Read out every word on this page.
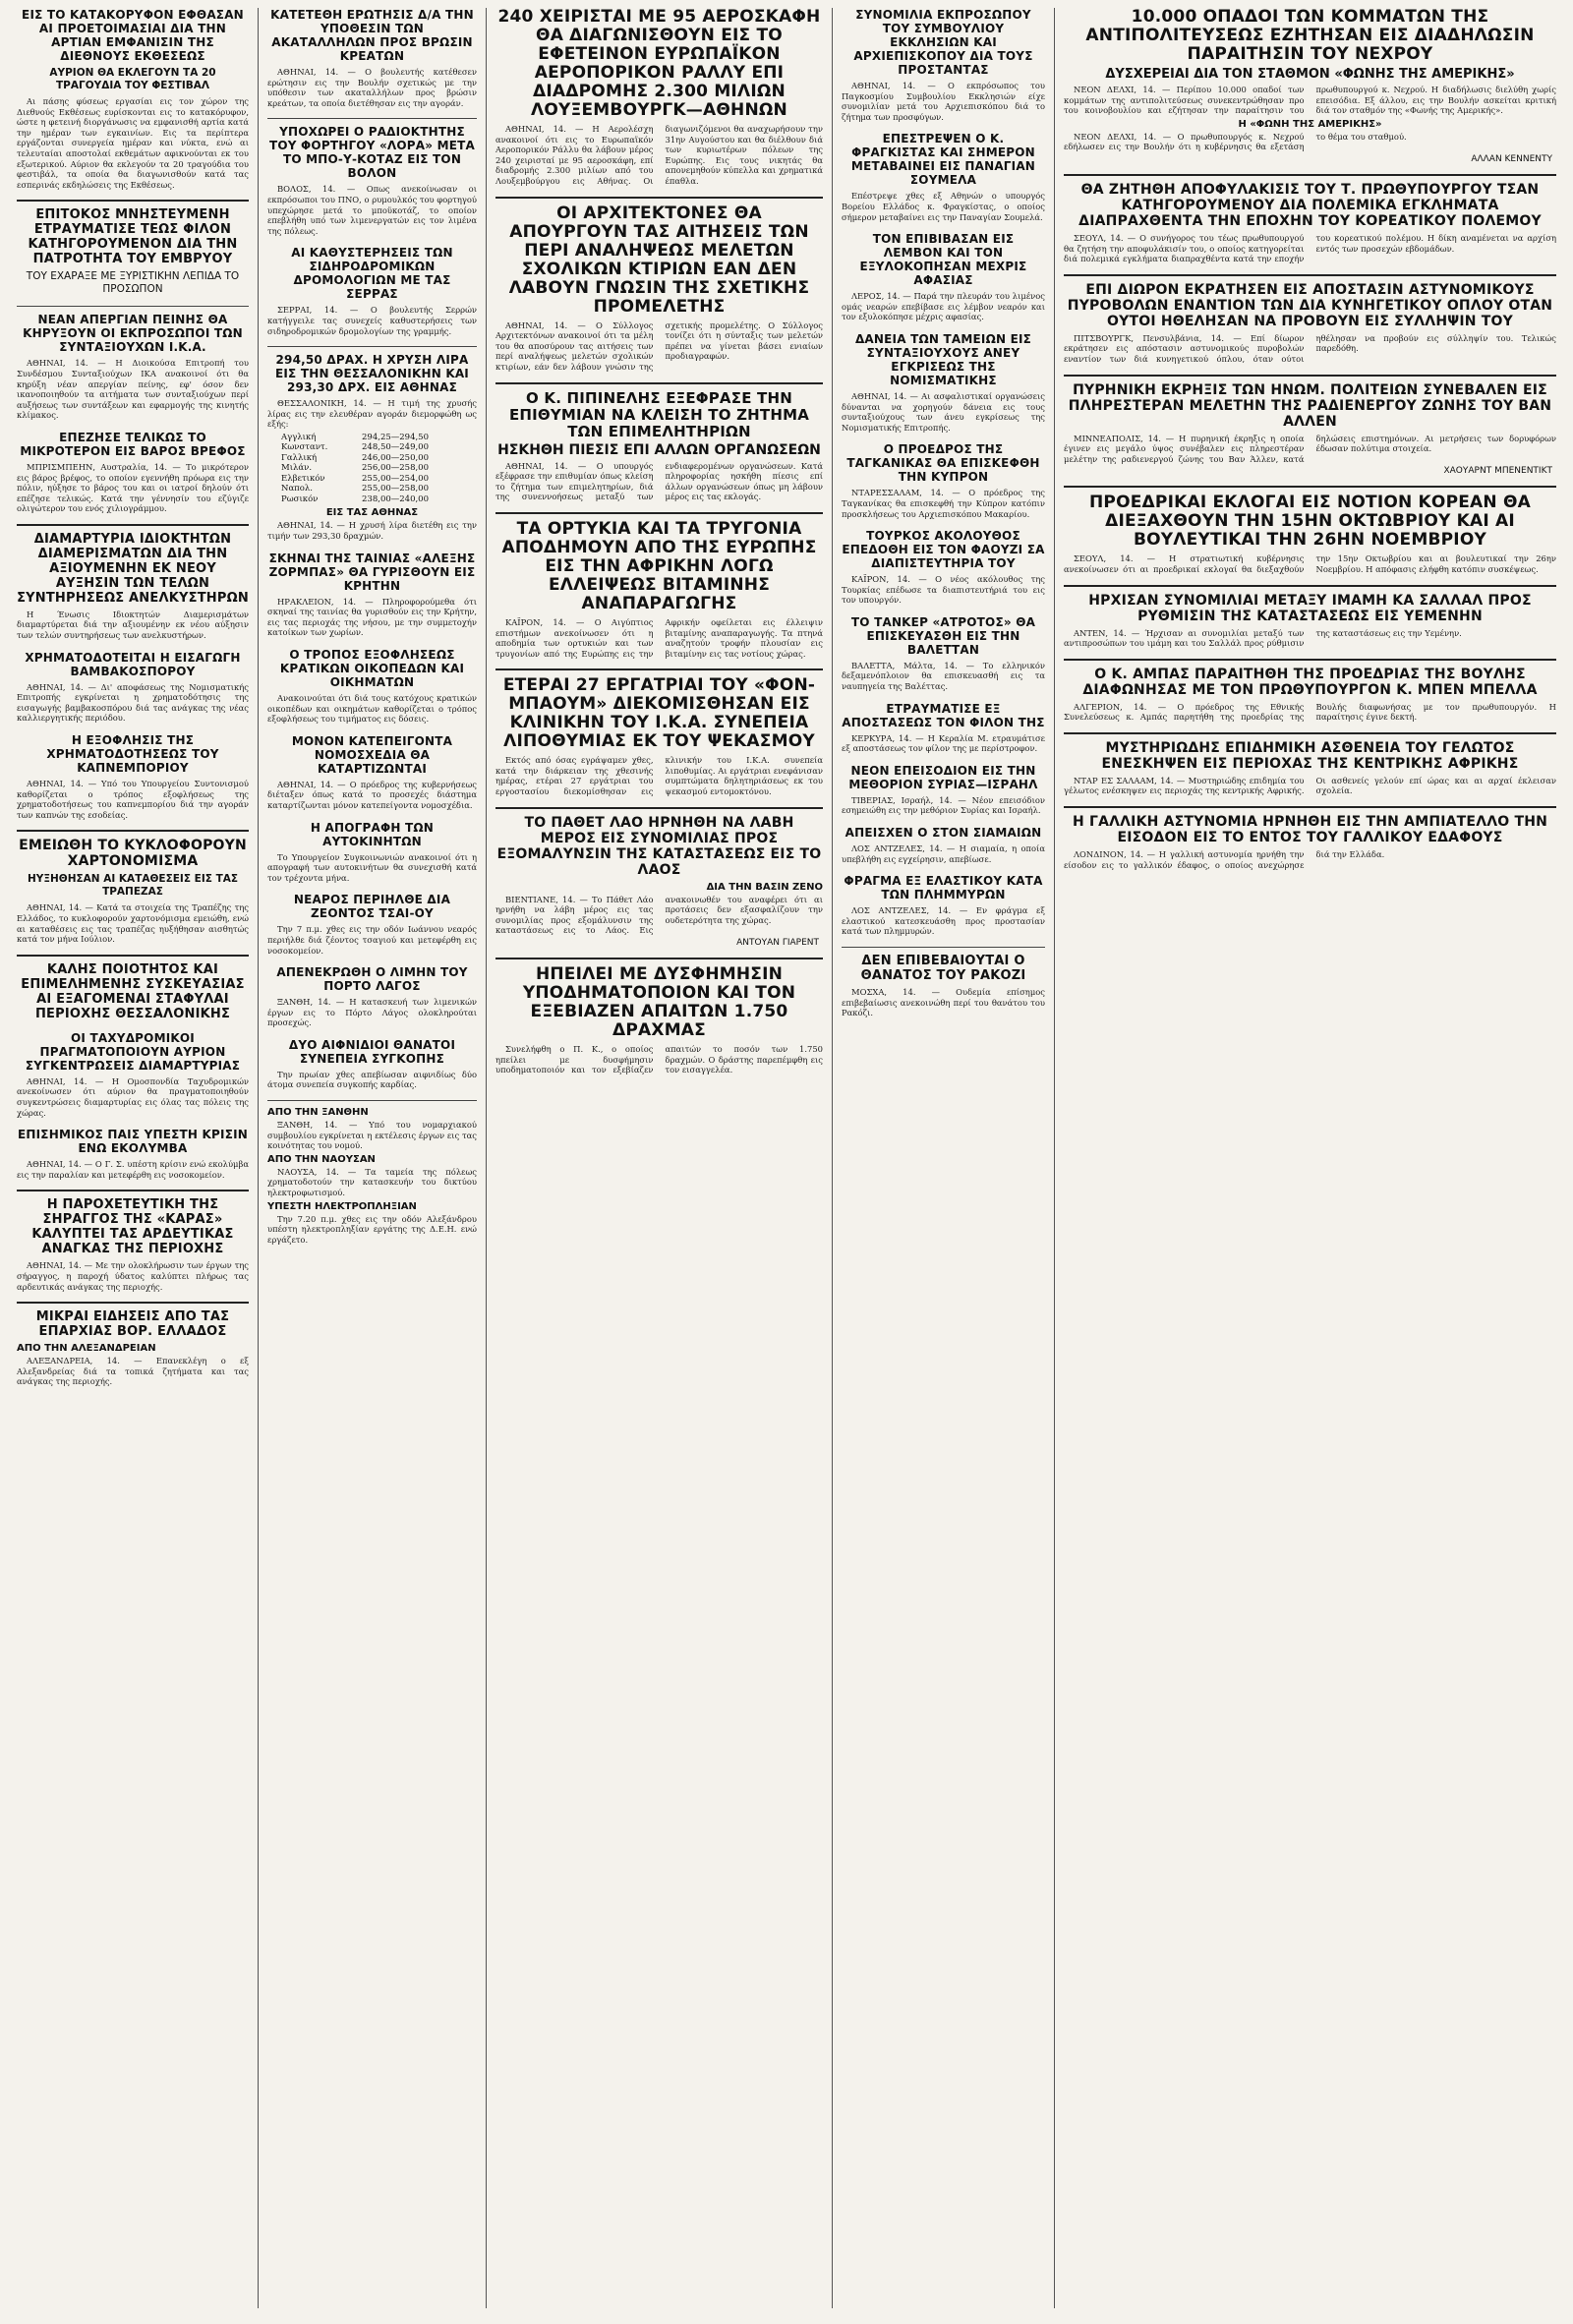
ΕΙΣ ΤΟ ΚΑΤΑΚΟΡΥΦΟΝ ΕΦΘΑΣΑΝ ΑΙ ΠΡΟΕΤΟΙΜΑΣΙΑΙ ΔΙΑ ΤΗΝ ΑΡΤΙΑΝ ΕΜΦΑΝΙΣΙΝ ΤΗΣ ΔΙΕΘΝΟΥΣ ΕΚΘΕΣΕΩΣ
ΑΥΡΙΟΝ ΘΑ ΕΚΛΕΓΟΥΝ ΤΑ 20 ΤΡΑΓΟΥΔΙΑ ΤΟΥ ΦΕΣΤΙΒΑΛ

Αι πάσης φύσεως εργασίαι εις τον χώρον της Διεθνούς Εκθέσεως ευρίσκονται εις το κατακόρυφον, ώστε η φετεινή διοργάνωσις να εμφανισθή αρτία κατά την ημέραν των εγκαινίων. Εις τα περίπτερα εργάζονται συνεργεία ημέραν και νύκτα, ενώ αι τελευταίαι αποστολαί εκθεμάτων αφικνούνται εκ του εξωτερικού. Αύριον θα εκλεγούν τα 20 τραγούδια του φεστιβάλ, τα οποία θα διαγωνισθούν κατά τας εσπερινάς εκδηλώσεις της Εκθέσεως.

ΕΠΙΤΟΚΟΣ ΜΝΗΣΤΕΥΜΕΝΗ ΕΤΡΑΥΜΑΤΙΣΕ ΤΕΩΣ ΦΙΛΟΝ ΚΑΤΗΓΟΡΟΥΜΕΝΟΝ ΔΙΑ ΤΗΝ ΠΑΤΡΟΤΗΤΑ ΤΟΥ ΕΜΒΡΥΟΥ
ΤΟΥ ΕΧΑΡΑΞΕ ΜΕ ΞΥΡΙΣΤΙΚΗΝ ΛΕΠΙΔΑ ΤΟ ΠΡΟΣΩΠΟΝ
ΝΕΑΝ ΑΠΕΡΓΙΑΝ ΠΕΙΝΗΣ ΘΑ ΚΗΡΥΞΟΥΝ ΟΙ ΕΚΠΡΟΣΩΠΟΙ ΤΩΝ ΣΥΝΤΑΞΙΟΥΧΩΝ Ι.Κ.Α.

ΑΘΗΝΑΙ, 14. — Η Διοικούσα Επιτροπή του Συνδέσμου Συνταξιούχων ΙΚΑ ανακοινοί ότι θα κηρύξη νέαν απεργίαν πείνης, εφ' όσον δεν ικανοποιηθούν τα αιτήματα των συνταξιούχων περί αυξήσεως των συντάξεων και εφαρμογής της κινητής κλίμακος.

ΕΠΕΖΗΣΕ ΤΕΛΙΚΩΣ ΤΟ ΜΙΚΡΟΤΕΡΟΝ ΕΙΣ ΒΑΡΟΣ ΒΡΕΦΟΣ

ΜΠΡΙΣΜΠΕΗΝ, Αυστραλία, 14. — Το μικρότερον εις βάρος βρέφος, το οποίον εγεννήθη πρόωρα εις την πόλιν, ηύξησε το βάρος του και οι ιατροί δηλούν ότι επέζησε τελικώς. Κατά την γέννησίν του εζύγιζε ολιγώτερον του ενός χιλιογράμμου.

ΔΙΑΜΑΡΤΥΡΙΑ ΙΔΙΟΚΤΗΤΩΝ ΔΙΑΜΕΡΙΣΜΑΤΩΝ ΔΙΑ ΤΗΝ ΑΞΙΟΥΜΕΝΗΝ ΕΚ ΝΕΟΥ ΑΥΞΗΣΙΝ ΤΩΝ ΤΕΛΩΝ ΣΥΝΤΗΡΗΣΕΩΣ ΑΝΕΛΚΥΣΤΗΡΩΝ

Η Ένωσις Ιδιοκτητών Διαμερισμάτων διαμαρτύρεται διά την αξιουμένην εκ νέου αύξησιν των τελών συντηρήσεως των ανελκυστήρων.

ΧΡΗΜΑΤΟΔΟΤΕΙΤΑΙ Η ΕΙΣΑΓΩΓΗ ΒΑΜΒΑΚΟΣΠΟΡΟΥ

ΑΘΗΝΑΙ, 14. — Δι' αποφάσεως της Νομισματικής Επιτροπής εγκρίνεται η χρηματοδότησις της εισαγωγής βαμβακοσπόρου διά τας ανάγκας της νέας καλλιεργητικής περιόδου.

Η ΕΞΟΦΛΗΣΙΣ ΤΗΣ ΧΡΗΜΑΤΟΔΟΤΗΣΕΩΣ ΤΟΥ ΚΑΠΝΕΜΠΟΡΙΟΥ

ΑΘΗΝΑΙ, 14. — Υπό του Υπουργείου Συντονισμού καθορίζεται ο τρόπος εξοφλήσεως της χρηματοδοτήσεως του καπνεμπορίου διά την αγοράν των καπνών της εσοδείας.

ΕΜΕΙΩΘΗ ΤΟ ΚΥΚΛΟΦΟΡΟΥΝ ΧΑΡΤΟΝΟΜΙΣΜΑ
ΗΥΞΗΘΗΣΑΝ ΑΙ ΚΑΤΑΘΕΣΕΙΣ ΕΙΣ ΤΑΣ ΤΡΑΠΕΖΑΣ

ΑΘΗΝΑΙ, 14. — Κατά τα στοιχεία της Τραπέζης της Ελλάδος, το κυκλοφορούν χαρτονόμισμα εμειώθη, ενώ αι καταθέσεις εις τας τραπέζας ηυξήθησαν αισθητώς κατά τον μήνα Ιούλιον.

ΚΑΛΗΣ ΠΟΙΟΤΗΤΟΣ ΚΑΙ ΕΠΙΜΕΛΗΜΕΝΗΣ ΣΥΣΚΕΥΑΣΙΑΣ ΑΙ ΕΞΑΓΟΜΕΝΑΙ ΣΤΑΦΥΛΑΙ ΠΕΡΙΟΧΗΣ ΘΕΣΣΑΛΟΝΙΚΗΣ
ΟΙ ΤΑΧΥΔΡΟΜΙΚΟΙ ΠΡΑΓΜΑΤΟΠΟΙΟΥΝ ΑΥΡΙΟΝ ΣΥΓΚΕΝΤΡΩΣΕΙΣ ΔΙΑΜΑΡΤΥΡΙΑΣ

ΑΘΗΝΑΙ, 14. — Η Ομοσπονδία Ταχυδρομικών ανεκοίνωσεν ότι αύριον θα πραγματοποιηθούν συγκεντρώσεις διαμαρτυρίας εις όλας τας πόλεις της χώρας.

ΕΠΙΣΗΜΙΚΟΣ ΠΑΙΣ ΥΠΕΣΤΗ ΚΡΙΣΙΝ ΕΝΩ ΕΚΟΛΥΜΒΑ

ΑΘΗΝΑΙ, 14. — Ο Γ. Σ. υπέστη κρίσιν ενώ εκολύμβα εις την παραλίαν και μετεφέρθη εις νοσοκομείον.

Η ΠΑΡΟΧΕΤΕΥΤΙΚΗ ΤΗΣ ΣΗΡΑΓΓΟΣ ΤΗΣ «ΚΑΡΑΣ» ΚΑΛΥΠΤΕΙ ΤΑΣ ΑΡΔΕΥΤΙΚΑΣ ΑΝΑΓΚΑΣ ΤΗΣ ΠΕΡΙΟΧΗΣ

ΑΘΗΝΑΙ, 14. — Με την ολοκλήρωσιν των έργων της σήραγγος, η παροχή ύδατος καλύπτει πλήρως τας αρδευτικάς ανάγκας της περιοχής.

ΜΙΚΡΑΙ ΕΙΔΗΣΕΙΣ ΑΠΟ ΤΑΣ ΕΠΑΡΧΙΑΣ ΒΟΡ. ΕΛΛΑΔΟΣ
ΑΠΟ ΤΗΝ ΑΛΕΞΑΝΔΡΕΙΑΝ

ΑΛΕΞΑΝΔΡΕΙΑ, 14. — Επανεκλέγη ο εξ Αλεξανδρείας διά τα τοπικά ζητήματα και τας ανάγκας της περιοχής.

ΚΑΤΕΤΕΘΗ ΕΡΩΤΗΣΙΣ Δ/Α ΤΗΝ ΥΠΟΘΕΣΙΝ ΤΩΝ ΑΚΑΤΑΛΛΗΛΩΝ ΠΡΟΣ ΒΡΩΣΙΝ ΚΡΕΑΤΩΝ

ΑΘΗΝΑΙ, 14. — Ο βουλευτής κατέθεσεν ερώτησιν εις την Βουλήν σχετικώς με την υπόθεσιν των ακαταλλήλων προς βρώσιν κρεάτων, τα οποία διετέθησαν εις την αγοράν.

ΥΠΟΧΩΡΕΙ Ο ΡΑΔΙΟΚΤΗΤΗΣ ΤΟΥ ΦΟΡΤΗΓΟΥ «ΛΟΡΑ» ΜΕΤΑ ΤΟ ΜΠΟ-Υ-ΚΟΤΑΖ ΕΙΣ ΤΟΝ ΒΟΛΟΝ

ΒΟΛΟΣ, 14. — Οπως ανεκοίνωσαν οι εκπρόσωποι του ΠΝΟ, ο ρυμουλκός του φορτηγού υπεχώρησε μετά το μποϋκοτάζ, το οποίον επεβλήθη υπό των λιμενεργατών εις τον λιμένα της πόλεως.

ΑΙ ΚΑΘΥΣΤΕΡΗΣΕΙΣ ΤΩΝ ΣΙΔΗΡΟΔΡΟΜΙΚΩΝ ΔΡΟΜΟΛΟΓΙΩΝ ΜΕ ΤΑΣ ΣΕΡΡΑΣ

ΣΕΡΡΑΙ, 14. — Ο βουλευτής Σερρών κατήγγειλε τας συνεχείς καθυστερήσεις των σιδηροδρομικών δρομολογίων της γραμμής.

294,50 ΔΡΑΧ. Η ΧΡΥΣΗ ΛΙΡΑ ΕΙΣ ΤΗΝ ΘΕΣΣΑΛΟΝΙΚΗΝ ΚΑΙ 293,30 ΔΡΧ. ΕΙΣ ΑΘΗΝΑΣ

ΘΕΣΣΑΛΟΝΙΚΗ, 14. — Η τιμή της χρυσής λίρας εις την ελευθέραν αγοράν διεμορφώθη ως εξής:

Αγγλική	294,25—294,50
Κωνσταντ.	248,50—249,00
Γαλλική	246,00—250,00
Μιλάν.	256,00—258,00
Ελβετικόν	255,00—254,00
Ναπολ.	255,00—258,00
Ρωσικόν	238,00—240,00
ΕΙΣ ΤΑΣ ΑΘΗΝΑΣ

ΑΘΗΝΑΙ, 14. — Η χρυσή λίρα διετέθη εις την τιμήν των 293,30 δραχμών.

ΣΚΗΝΑΙ ΤΗΣ ΤΑΙΝΙΑΣ «ΑΛΕΞΗΣ ΖΟΡΜΠΑΣ» ΘΑ ΓΥΡΙΣΘΟΥΝ ΕΙΣ ΚΡΗΤΗΝ

ΗΡΑΚΛΕΙΟΝ, 14. — Πληροφορούμεθα ότι σκηναί της ταινίας θα γυρισθούν εις την Κρήτην, εις τας περιοχάς της νήσου, με την συμμετοχήν κατοίκων των χωρίων.

Ο ΤΡΟΠΟΣ ΕΞΟΦΛΗΣΕΩΣ ΚΡΑΤΙΚΩΝ ΟΙΚΟΠΕΔΩΝ ΚΑΙ ΟΙΚΗΜΑΤΩΝ

Ανακοινούται ότι διά τους κατόχους κρατικών οικοπέδων και οικημάτων καθορίζεται ο τρόπος εξοφλήσεως του τιμήματος εις δόσεις.

ΜΟΝΟΝ ΚΑΤΕΠΕΙΓΟΝΤΑ ΝΟΜΟΣΧΕΔΙΑ ΘΑ ΚΑΤΑΡΤΙΖΩΝΤΑΙ

ΑΘΗΝΑΙ, 14. — Ο πρόεδρος της κυβερνήσεως διέταξεν όπως κατά το προσεχές διάστημα καταρτίζωνται μόνον κατεπείγοντα νομοσχέδια.

Η ΑΠΟΓΡΑΦΗ ΤΩΝ ΑΥΤΟΚΙΝΗΤΩΝ

Το Υπουργείον Συγκοινωνιών ανακοινοί ότι η απογραφή των αυτοκινήτων θα συνεχισθή κατά τον τρέχοντα μήνα.

ΝΕΑΡΟΣ ΠΕΡΙΗΛΘΕ ΔΙΑ ΖΕΟΝΤΟΣ ΤΣΑΙ-ΟΥ

Την 7 π.μ. χθες εις την οδόν Ιωάννου νεαρός περιήλθε διά ζέοντος τσαγιού και μετεφέρθη εις νοσοκομείον.

ΑΠΕΝΕΚΡΩΘΗ Ο ΛΙΜΗΝ ΤΟΥ ΠΟΡΤΟ ΛΑΓΟΣ

ΞΑΝΘΗ, 14. — Η κατασκευή των λιμενικών έργων εις το Πόρτο Λάγος ολοκληρούται προσεχώς.

ΔΥΟ ΑΙΦΝΙΔΙΟΙ ΘΑΝΑΤΟΙ ΣΥΝΕΠΕΙΑ ΣΥΓΚΟΠΗΣ

Την πρωίαν χθες απεβίωσαν αιφνιδίως δύο άτομα συνεπεία συγκοπής καρδίας.

ΑΠΟ ΤΗΝ ΞΑΝΘΗΝ

ΞΑΝΘΗ, 14. — Υπό του νομαρχιακού συμβουλίου εγκρίνεται η εκτέλεσις έργων εις τας κοινότητας του νομού.

ΑΠΟ ΤΗΝ ΝΑΟΥΣΑΝ

ΝΑΟΥΣΑ, 14. — Τα ταμεία της πόλεως χρηματοδοτούν την κατασκευήν του δικτύου ηλεκτροφωτισμού.

ΥΠΕΣΤΗ ΗΛΕΚΤΡΟΠΛΗΞΙΑΝ

Την 7.20 π.μ. χθες εις την οδόν Αλεξάνδρου υπέστη ηλεκτροπληξίαν εργάτης της Δ.Ε.Η. ενώ εργάζετο.

240 ΧΕΙΡΙΣΤΑΙ ΜΕ 95 ΑΕΡΟΣΚΑΦΗ ΘΑ ΔΙΑΓΩΝΙΣΘΟΥΝ ΕΙΣ ΤΟ ΕΦΕΤΕΙΝΟΝ ΕΥΡΩΠΑΪΚΟΝ ΑΕΡΟΠΟΡΙΚΟΝ ΡΑΛΛΥ ΕΠΙ ΔΙΑΔΡΟΜΗΣ 2.300 ΜΙΛΙΩΝ ΛΟΥΞΕΜΒΟΥΡΓΚ—ΑΘΗΝΩΝ

ΑΘΗΝΑΙ, 14. — Η Αερολέσχη ανακοινοί ότι εις το Ευρωπαϊκόν Αεροπορικόν Ράλλυ θα λάβουν μέρος 240 χειρισταί με 95 αεροσκάφη, επί διαδρομής 2.300 μιλίων από του Λουξεμβούργου εις Αθήνας. Οι διαγωνιζόμενοι θα αναχωρήσουν την 31ην Αυγούστου και θα διέλθουν διά των κυριωτέρων πόλεων της Ευρώπης. Εις τους νικητάς θα απονεμηθούν κύπελλα και χρηματικά έπαθλα.

ΟΙ ΑΡΧΙΤΕΚΤΟΝΕΣ ΘΑ ΑΠΟΥΡΓΟΥΝ ΤΑΣ ΑΙΤΗΣΕΙΣ ΤΩΝ ΠΕΡΙ ΑΝΑΛΗΨΕΩΣ ΜΕΛΕΤΩΝ ΣΧΟΛΙΚΩΝ ΚΤΙΡΙΩΝ ΕΑΝ ΔΕΝ ΛΑΒΟΥΝ ΓΝΩΣΙΝ ΤΗΣ ΣΧΕΤΙΚΗΣ ΠΡΟΜΕΛΕΤΗΣ

ΑΘΗΝΑΙ, 14. — Ο Σύλλογος Αρχιτεκτόνων ανακοινοί ότι τα μέλη του θα αποσύρουν τας αιτήσεις των περί αναλήψεως μελετών σχολικών κτιρίων, εάν δεν λάβουν γνώσιν της σχετικής προμελέτης. Ο Σύλλογος τονίζει ότι η σύνταξις των μελετών πρέπει να γίνεται βάσει ενιαίων προδιαγραφών.

Ο Κ. ΠΙΠΙΝΕΛΗΣ ΕΞΕΦΡΑΣΕ ΤΗΝ ΕΠΙΘΥΜΙΑΝ ΝΑ ΚΛΕΙΣΗ ΤΟ ΖΗΤΗΜΑ ΤΩΝ ΕΠΙΜΕΛΗΤΗΡΙΩΝ
ΗΣΚΗΘΗ ΠΙΕΣΙΣ ΕΠΙ ΑΛΛΩΝ ΟΡΓΑΝΩΣΕΩΝ

ΑΘΗΝΑΙ, 14. — Ο υπουργός εξέφρασε την επιθυμίαν όπως κλείση το ζήτημα των επιμελητηρίων, διά της συνεννοήσεως μεταξύ των ενδιαφερομένων οργανώσεων. Κατά πληροφορίας ησκήθη πίεσις επί άλλων οργανώσεων όπως μη λάβουν μέρος εις τας εκλογάς.

ΤΑ ΟΡΤΥΚΙΑ ΚΑΙ ΤΑ ΤΡΥΓΟΝΙΑ ΑΠΟΔΗΜΟΥΝ ΑΠΟ ΤΗΣ ΕΥΡΩΠΗΣ ΕΙΣ ΤΗΝ ΑΦΡΙΚΗΝ ΛΟΓΩ ΕΛΛΕΙΨΕΩΣ ΒΙΤΑΜΙΝΗΣ ΑΝΑΠΑΡΑΓΩΓΗΣ

ΚΑΪΡΟΝ, 14. — Ο Αιγύπτιος επιστήμων ανεκοίνωσεν ότι η αποδημία των ορτυκιών και των τρυγονίων από της Ευρώπης εις την Αφρικήν οφείλεται εις έλλειψιν βιταμίνης αναπαραγωγής. Τα πτηνά αναζητούν τροφήν πλουσίαν εις βιταμίνην εις τας νοτίους χώρας.

ΕΤΕΡΑΙ 27 ΕΡΓΑΤΡΙΑΙ ΤΟΥ «ΦΟΝ-ΜΠΑΟΥΜ» ΔΙΕΚΟΜΙΣΘΗΣΑΝ ΕΙΣ ΚΛΙΝΙΚΗΝ ΤΟΥ Ι.Κ.Α. ΣΥΝΕΠΕΙΑ ΛΙΠΟΘΥΜΙΑΣ ΕΚ ΤΟΥ ΨΕΚΑΣΜΟΥ

Εκτός από όσας εγράψαμεν χθες, κατά την διάρκειαν της χθεσινής ημέρας, ετέραι 27 εργάτριαι του εργοστασίου διεκομίσθησαν εις κλινικήν του Ι.Κ.Α. συνεπεία λιποθυμίας. Αι εργάτριαι ενεφάνισαν συμπτώματα δηλητηριάσεως εκ του ψεκασμού εντομοκτόνου.

ΤΟ ΠΑΘΕΤ ΛΑΟ ΗΡΝΗΘΗ ΝΑ ΛΑΒΗ ΜΕΡΟΣ ΕΙΣ ΣΥΝΟΜΙΛΙΑΣ ΠΡΟΣ ΕΞΟΜΑΛΥΝΣΙΝ ΤΗΣ ΚΑΤΑΣΤΑΣΕΩΣ ΕΙΣ ΤΟ ΛΑΟΣ
ΔΙΑ ΤΗΝ ΒΑΣΙΝ ΖΕΝΟ

ΒΙΕΝΤΙΑΝΕ, 14. — Το Πάθετ Λάο ηρνήθη να λάβη μέρος εις τας συνομιλίας προς εξομάλυνσιν της καταστάσεως εις το Λάος. Εις ανακοινωθέν του αναφέρει ότι αι προτάσεις δεν εξασφαλίζουν την ουδετερότητα της χώρας.

ΑΝΤΟΥΑΝ ΓΙΑΡΕΝΤ
ΗΠΕΙΛΕΙ ΜΕ ΔΥΣΦΗΜΗΣΙΝ ΥΠΟΔΗΜΑΤΟΠΟΙΟΝ ΚΑΙ ΤΟΝ ΕΞΕΒΙΑΖΕΝ ΑΠΑΙΤΩΝ 1.750 ΔΡΑΧΜΑΣ

Συνελήφθη ο Π. Κ., ο οποίος ηπείλει με δυσφήμησιν υποδηματοποιόν και τον εξεβίαζεν απαιτών το ποσόν των 1.750 δραχμών. Ο δράστης παρεπέμφθη εις τον εισαγγελέα.

ΣΥΝΟΜΙΛΙΑ ΕΚΠΡΟΣΩΠΟΥ ΤΟΥ ΣΥΜΒΟΥΛΙΟΥ ΕΚΚΛΗΣΙΩΝ ΚΑΙ ΑΡΧΙΕΠΙΣΚΟΠΟΥ ΔΙΑ ΤΟΥΣ ΠΡΟΣΤΑΝΤΑΣ

ΑΘΗΝΑΙ, 14. — Ο εκπρόσωπος του Παγκοσμίου Συμβουλίου Εκκλησιών είχε συνομιλίαν μετά του Αρχιεπισκόπου διά το ζήτημα των προσφύγων.

ΕΠΕΣΤΡΕΨΕΝ Ο Κ. ΦΡΑΓΚΙΣΤΑΣ ΚΑΙ ΣΗΜΕΡΟΝ ΜΕΤΑΒΑΙΝΕΙ ΕΙΣ ΠΑΝΑΓΙΑΝ ΣΟΥΜΕΛΑ

Επέστρεψε χθες εξ Αθηνών ο υπουργός Βορείου Ελλάδος κ. Φραγκίστας, ο οποίος σήμερον μεταβαίνει εις την Παναγίαν Σουμελά.

ΤΟΝ ΕΠΙΒΙΒΑΣΑΝ ΕΙΣ ΛΕΜΒΟΝ ΚΑΙ ΤΟΝ ΕΞΥΛΟΚΟΠΗΣΑΝ ΜΕΧΡΙΣ ΑΦΑΣΙΑΣ

ΛΕΡΟΣ, 14. — Παρά την πλευράν του λιμένος ομάς νεαρών επεβίβασε εις λέμβον νεαρόν και τον εξυλοκόπησε μέχρις αφασίας.

ΔΑΝΕΙΑ ΤΩΝ ΤΑΜΕΙΩΝ ΕΙΣ ΣΥΝΤΑΞΙΟΥΧΟΥΣ ΑΝΕΥ ΕΓΚΡΙΣΕΩΣ ΤΗΣ ΝΟΜΙΣΜΑΤΙΚΗΣ

ΑΘΗΝΑΙ, 14. — Αι ασφαλιστικαί οργανώσεις δύνανται να χορηγούν δάνεια εις τους συνταξιούχους των άνευ εγκρίσεως της Νομισματικής Επιτροπής.

Ο ΠΡΟΕΔΡΟΣ ΤΗΣ ΤΑΓΚΑΝΙΚΑΣ ΘΑ ΕΠΙΣΚΕΦΘΗ ΤΗΝ ΚΥΠΡΟΝ

ΝΤΑΡΕΣΣΑΛΑΜ, 14. — Ο πρόεδρος της Ταγκανίκας θα επισκεφθή την Κύπρον κατόπιν προσκλήσεως του Αρχιεπισκόπου Μακαρίου.

ΤΟΥΡΚΟΣ ΑΚΟΛΟΥΘΟΣ ΕΠΕΔΟΘΗ ΕΙΣ ΤΟΝ ΦΑΟΥΖΙ ΣΑ ΔΙΑΠΙΣΤΕΥΤΗΡΙΑ ΤΟΥ

ΚΑΪΡΟΝ, 14. — Ο νέος ακόλουθος της Τουρκίας επέδωσε τα διαπιστευτήριά του εις τον υπουργόν.

ΤΟ ΤΑΝΚΕΡ «ΑΤΡΟΤΟΣ» ΘΑ ΕΠΙΣΚΕΥΑΣΘΗ ΕΙΣ ΤΗΝ ΒΑΛΕΤΤΑΝ

ΒΑΛΕΤΤΑ, Μάλτα, 14. — Το ελληνικόν δεξαμενόπλοιον θα επισκευασθή εις τα ναυπηγεία της Βαλέττας.

ΕΤΡΑΥΜΑΤΙΣΕ ΕΞ ΑΠΟΣΤΑΣΕΩΣ ΤΟΝ ΦΙΛΟΝ ΤΗΣ

ΚΕΡΚΥΡΑ, 14. — Η Κεραλία Μ. ετραυμάτισε εξ αποστάσεως τον φίλον της με περίστροφον.

ΝΕΟΝ ΕΠΕΙΣΟΔΙΟΝ ΕΙΣ ΤΗΝ ΜΕΘΟΡΙΟΝ ΣΥΡΙΑΣ—ΙΣΡΑΗΛ

ΤΙΒΕΡΙΑΣ, Ισραήλ, 14. — Νέον επεισόδιον εσημειώθη εις την μεθόριον Συρίας και Ισραήλ.

ΑΠΕΙΣΧΕΝ Ο ΣΤΟΝ ΣΙΑΜΑΙΩΝ

ΛΟΣ ΑΝΤΖΕΛΕΣ, 14. — Η σιαμαία, η οποία υπεβλήθη εις εγχείρησιν, απεβίωσε.

ΦΡΑΓΜΑ ΕΞ ΕΛΑΣΤΙΚΟΥ ΚΑΤΑ ΤΩΝ ΠΛΗΜΜΥΡΩΝ

ΛΟΣ ΑΝΤΖΕΛΕΣ, 14. — Εν φράγμα εξ ελαστικού κατεσκευάσθη προς προστασίαν κατά των πλημμυρών.

ΔΕΝ ΕΠΙΒΕΒΑΙΟΥΤΑΙ Ο ΘΑΝΑΤΟΣ ΤΟΥ ΡΑΚΟΖΙ

ΜΟΣΧΑ, 14. — Ουδεμία επίσημος επιβεβαίωσις ανεκοινώθη περί του θανάτου του Ρακόζι.

10.000 ΟΠΑΔΟΙ ΤΩΝ ΚΟΜΜΑΤΩΝ ΤΗΣ ΑΝΤΙΠΟΛΙΤΕΥΣΕΩΣ ΕΖΗΤΗΣΑΝ ΕΙΣ ΔΙΑΔΗΛΩΣΙΝ ΠΑΡΑΙΤΗΣΙΝ ΤΟΥ ΝΕΧΡΟΥ
ΔΥΣΧΕΡΕΙΑΙ ΔΙΑ ΤΟΝ ΣΤΑΘΜΟΝ «ΦΩΝΗΣ ΤΗΣ ΑΜΕΡΙΚΗΣ»

ΝΕΟΝ ΔΕΛΧΙ, 14. — Περίπου 10.000 οπαδοί των κομμάτων της αντιπολιτεύσεως συνεκεντρώθησαν προ του κοινοβουλίου και εζήτησαν την παραίτησιν του πρωθυπουργού κ. Νεχρού. Η διαδήλωσις διελύθη χωρίς επεισόδια. Εξ άλλου, εις την Βουλήν ασκείται κριτική διά τον σταθμόν της «Φωνής της Αμερικής».

Η «ΦΩΝΗ ΤΗΣ ΑΜΕΡΙΚΗΣ»

ΝΕΟΝ ΔΕΛΧΙ, 14. — Ο πρωθυπουργός κ. Νεχρού εδήλωσεν εις την Βουλήν ότι η κυβέρνησις θα εξετάση το θέμα του σταθμού.

ΑΛΛΑΝ ΚΕΝΝΕΝΤΥ
ΘΑ ΖΗΤΗΘΗ ΑΠΟΦΥΛΑΚΙΣΙΣ ΤΟΥ Τ. ΠΡΩΘΥΠΟΥΡΓΟΥ ΤΣΑΝ ΚΑΤΗΓΟΡΟΥΜΕΝΟΥ ΔΙΑ ΠΟΛΕΜΙΚΑ ΕΓΚΛΗΜΑΤΑ ΔΙΑΠΡΑΧΘΕΝΤΑ ΤΗΝ ΕΠΟΧΗΝ ΤΟΥ ΚΟΡΕΑΤΙΚΟΥ ΠΟΛΕΜΟΥ

ΣΕΟΥΛ, 14. — Ο συνήγορος του τέως πρωθυπουργού θα ζητήση την αποφυλάκισίν του, ο οποίος κατηγορείται διά πολεμικά εγκλήματα διαπραχθέντα κατά την εποχήν του κορεατικού πολέμου. Η δίκη αναμένεται να αρχίση εντός των προσεχών εβδομάδων.

ΕΠΙ ΔΙΩΡΟΝ ΕΚΡΑΤΗΣΕΝ ΕΙΣ ΑΠΟΣΤΑΣΙΝ ΑΣΤΥΝΟΜΙΚΟΥΣ ΠΥΡΟΒΟΛΩΝ ΕΝΑΝΤΙΟΝ ΤΩΝ ΔΙΑ ΚΥΝΗΓΕΤΙΚΟΥ ΟΠΛΟΥ ΟΤΑΝ ΟΥΤΟΙ ΗΘΕΛΗΣΑΝ ΝΑ ΠΡΟΒΟΥΝ ΕΙΣ ΣΥΛΛΗΨΙΝ ΤΟΥ

ΠΙΤΣΒΟΥΡΓΚ, Πενσυλβάνια, 14. — Επί δίωρον εκράτησεν εις απόστασιν αστυνομικούς πυροβολών εναντίον των διά κυνηγετικού όπλου, όταν ούτοι ηθέλησαν να προβούν εις σύλληψίν του. Τελικώς παρεδόθη.

ΠΥΡΗΝΙΚΗ ΕΚΡΗΞΙΣ ΤΩΝ ΗΝΩΜ. ΠΟΛΙΤΕΙΩΝ ΣΥΝΕΒΑΛΕΝ ΕΙΣ ΠΛΗΡΕΣΤΕΡΑΝ ΜΕΛΕΤΗΝ ΤΗΣ ΡΑΔΙΕΝΕΡΓΟΥ ΖΩΝΗΣ ΤΟΥ ΒΑΝ ΑΛΛΕΝ

ΜΙΝΝΕΑΠΟΛΙΣ, 14. — Η πυρηνική έκρηξις η οποία έγινεν εις μεγάλο ύψος συνέβαλεν εις πληρεστέραν μελέτην της ραδιενεργού ζώνης του Βαν Άλλεν, κατά δηλώσεις επιστημόνων. Αι μετρήσεις των δορυφόρων έδωσαν πολύτιμα στοιχεία.

ΧΑΟΥΑΡΝΤ ΜΠΕΝΕΝΤΙΚΤ
ΠΡΟΕΔΡΙΚΑΙ ΕΚΛΟΓΑΙ ΕΙΣ ΝΟΤΙΟΝ ΚΟΡΕΑΝ ΘΑ ΔΙΕΞΑΧΘΟΥΝ ΤΗΝ 15ΗΝ ΟΚΤΩΒΡΙΟΥ ΚΑΙ ΑΙ ΒΟΥΛΕΥΤΙΚΑΙ ΤΗΝ 26ΗΝ ΝΟΕΜΒΡΙΟΥ

ΣΕΟΥΛ, 14. — Η στρατιωτική κυβέρνησις ανεκοίνωσεν ότι αι προεδρικαί εκλογαί θα διεξαχθούν την 15ην Οκτωβρίου και αι βουλευτικαί την 26ην Νοεμβρίου. Η απόφασις ελήφθη κατόπιν συσκέψεως.

ΗΡΧΙΣΑΝ ΣΥΝΟΜΙΛΙΑΙ ΜΕΤΑΞΥ ΙΜΑΜΗ ΚΑ ΣΑΛΛΑΛ ΠΡΟΣ ΡΥΘΜΙΣΙΝ ΤΗΣ ΚΑΤΑΣΤΑΣΕΩΣ ΕΙΣ ΥΕΜΕΝΗΝ

ΑΝΤΕΝ, 14. — Ήρχισαν αι συνομιλίαι μεταξύ των αντιπροσώπων του ιμάμη και του Σαλλάλ προς ρύθμισιν της καταστάσεως εις την Υεμένην.

Ο Κ. ΑΜΠΑΣ ΠΑΡΑΙΤΗΘΗ ΤΗΣ ΠΡΟΕΔΡΙΑΣ ΤΗΣ ΒΟΥΛΗΣ ΔΙΑΦΩΝΗΣΑΣ ΜΕ ΤΟΝ ΠΡΩΘΥΠΟΥΡΓΟΝ Κ. ΜΠΕΝ ΜΠΕΛΛΑ

ΑΛΓΕΡΙΟΝ, 14. — Ο πρόεδρος της Εθνικής Συνελεύσεως κ. Αμπάς παρητήθη της προεδρίας της Βουλής διαφωνήσας με τον πρωθυπουργόν. Η παραίτησις έγινε δεκτή.

ΜΥΣΤΗΡΙΩΔΗΣ ΕΠΙΔΗΜΙΚΗ ΑΣΘΕΝΕΙΑ ΤΟΥ ΓΕΛΩΤΟΣ ΕΝΕΣΚΗΨΕΝ ΕΙΣ ΠΕΡΙΟΧΑΣ ΤΗΣ ΚΕΝΤΡΙΚΗΣ ΑΦΡΙΚΗΣ

ΝΤΑΡ ΕΣ ΣΑΛΑΑΜ, 14. — Μυστηριώδης επιδημία του γέλωτος ενέσκηψεν εις περιοχάς της κεντρικής Αφρικής. Οι ασθενείς γελούν επί ώρας και αι αρχαί έκλεισαν σχολεία.

Η ΓΑΛΛΙΚΗ ΑΣΤΥΝΟΜΙΑ ΗΡΝΗΘΗ ΕΙΣ ΤΗΝ ΑΜΠΙΑΤΕΛΛΟ ΤΗΝ ΕΙΣΟΔΟΝ ΕΙΣ ΤΟ ΕΝΤΟΣ ΤΟΥ ΓΑΛΛΙΚΟΥ ΕΔΑΦΟΥΣ

ΛΟΝΔΙΝΟΝ, 14. — Η γαλλική αστυνομία ηρνήθη την είσοδον εις το γαλλικόν έδαφος, ο οποίος ανεχώρησε διά την Ελλάδα.
